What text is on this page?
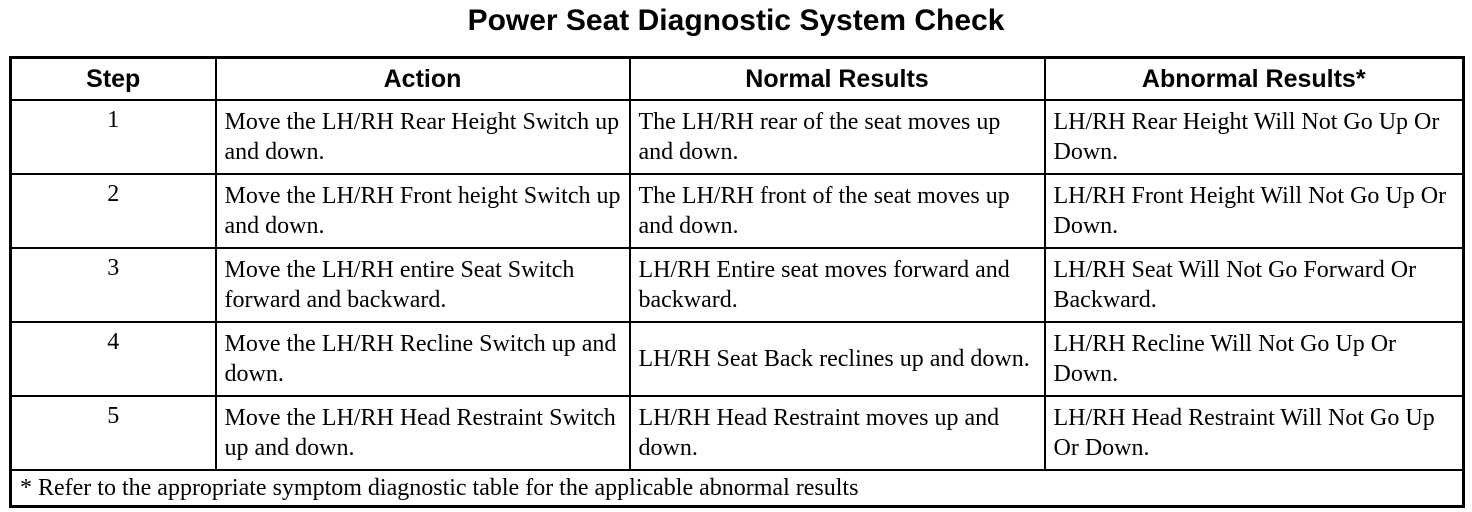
Power Seat Diagnostic System Check
Step	Action	Normal Results	Abnormal Results*
1	Move the LH/RH Rear Height Switch up and down.	The LH/RH rear of the seat moves up and down.	LH/RH Rear Height Will Not Go Up Or Down.
2	Move the LH/RH Front height Switch up and down.	The LH/RH front of the seat moves up and down.	LH/RH Front Height Will Not Go Up Or Down.
3	Move the LH/RH entire Seat Switch forward and backward.	LH/RH Entire seat moves forward and backward.	LH/RH Seat Will Not Go Forward Or Backward.
4	Move the LH/RH Recline Switch up and down.	LH/RH Seat Back reclines up and down.	LH/RH Recline Will Not Go Up Or Down.
5	Move the LH/RH Head Restraint Switch up and down.	LH/RH Head Restraint moves up and down.	LH/RH Head Restraint Will Not Go Up Or Down.
* Refer to the appropriate symptom diagnostic table for the applicable abnormal results			
